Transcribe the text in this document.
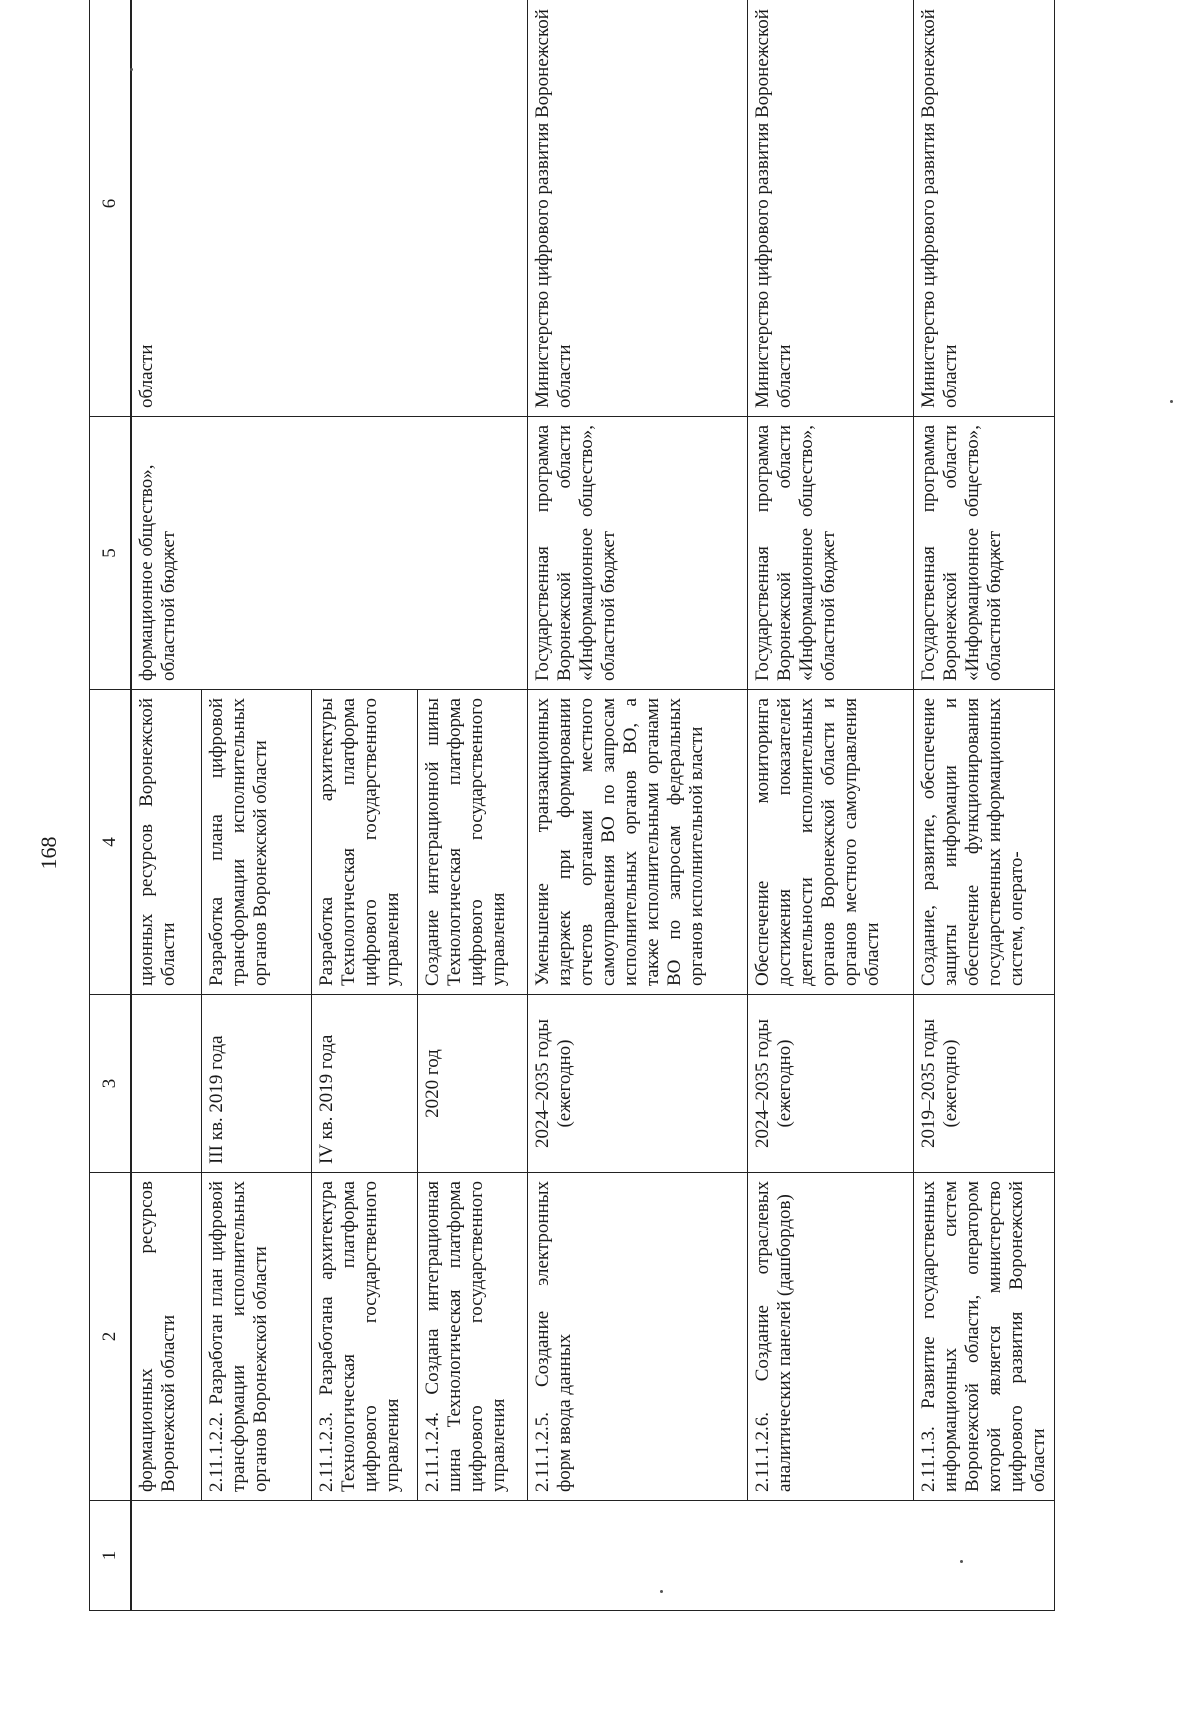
168
1	2	3	4	5	6
	формационных ресурсов Воронежской области		ционных ресурсов Воронежской области	формационное общество», областной бюджет	области
	2.11.1.2.2. Разработан план цифровой трансформации исполнительных органов Воронежской области	III кв. 2019 года	Разработка плана цифровой трансформации исполнительных органов Воронежской области		
	2.11.1.2.3. Разработана архитектура Технологическая платформа цифрового государственного управления	IV кв. 2019 года	Разработка архитектуры Технологическая платформа цифрового государственного управления		
	2.11.1.2.4. Создана интеграционная шина Технологическая платформа цифрового государственного управления	2020 год	Создание интеграционной шины Технологическая платформа цифрового государственного управления		
	2.11.1.2.5. Создание электронных форм ввода данных	2024–2035 годы (ежегодно)	Уменьшение транзакционных издержек при формировании отчетов органами местного самоуправления ВО по запросам исполнительных органов ВО, а также исполнительными органами ВО по запросам федеральных органов исполнительной власти	Государственная программа Воронежской области «Информационное общество», областной бюджет	Министерство цифрового развития Воронежской области
	2.11.1.2.6. Создание отраслевых аналитических панелей (дашбордов)	2024–2035 годы (ежегодно)	Обеспечение мониторинга достижения показателей деятельности исполнительных органов Воронежской области и органов местного самоуправления области	Государственная программа Воронежской области «Информационное общество», областной бюджет	Министерство цифрового развития Воронежской области
	2.11.1.3. Развитие государственных информационных систем Воронежской области, оператором которой является министерство цифрового развития Воронежской области	2019–2035 годы (ежегодно)	Создание, развитие, обеспечение защиты информации и обеспечение функционирования государственных информационных систем, операто-	Государственная программа Воронежской области «Информационное общество», областной бюджет	Министерство цифрового развития Воронежской области
